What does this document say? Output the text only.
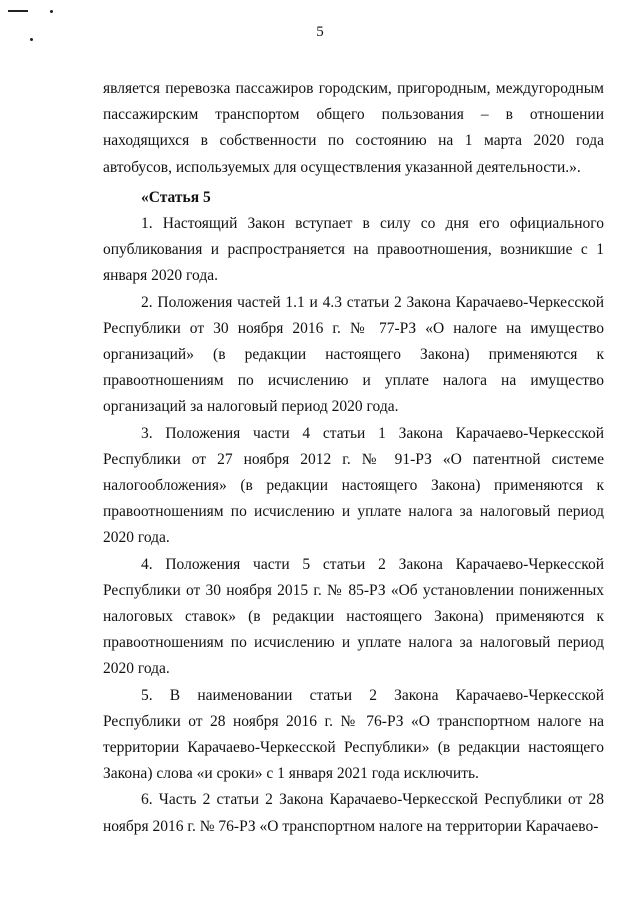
5

является перевозка пассажиров городским, пригородным, междугородным пассажирским транспортом общего пользования – в отношении находящихся в собственности по состоянию на 1 марта 2020 года автобусов, используемых для осуществления указанной деятельности.».

«Статья 5

1. Настоящий Закон вступает в силу со дня его официального опубликования и распространяется на правоотношения, возникшие с 1 января 2020 года.

2. Положения частей 1.1 и 4.3 статьи 2 Закона Карачаево-Черкесской Республики от 30 ноября 2016 г. № 77-РЗ «О налоге на имущество организаций» (в редакции настоящего Закона) применяются к правоотношениям по исчислению и уплате налога на имущество организаций за налоговый период 2020 года.

3. Положения части 4 статьи 1 Закона Карачаево-Черкесской Республики от 27 ноября 2012 г. № 91-РЗ «О патентной системе налогообложения» (в редакции настоящего Закона) применяются к правоотношениям по исчислению и уплате налога за налоговый период 2020 года.

4. Положения части 5 статьи 2 Закона Карачаево-Черкесской Республики от 30 ноября 2015 г. № 85-РЗ «Об установлении пониженных налоговых ставок» (в редакции настоящего Закона) применяются к правоотношениям по исчислению и уплате налога за налоговый период 2020 года.

5. В наименовании статьи 2 Закона Карачаево-Черкесской Республики от 28 ноября 2016 г. № 76-РЗ «О транспортном налоге на территории Карачаево-Черкесской Республики» (в редакции настоящего Закона) слова «и сроки» с 1 января 2021 года исключить.

6. Часть 2 статьи 2 Закона Карачаево-Черкесской Республики от 28 ноября 2016 г. № 76-РЗ «О транспортном налоге на территории Карачаево-
